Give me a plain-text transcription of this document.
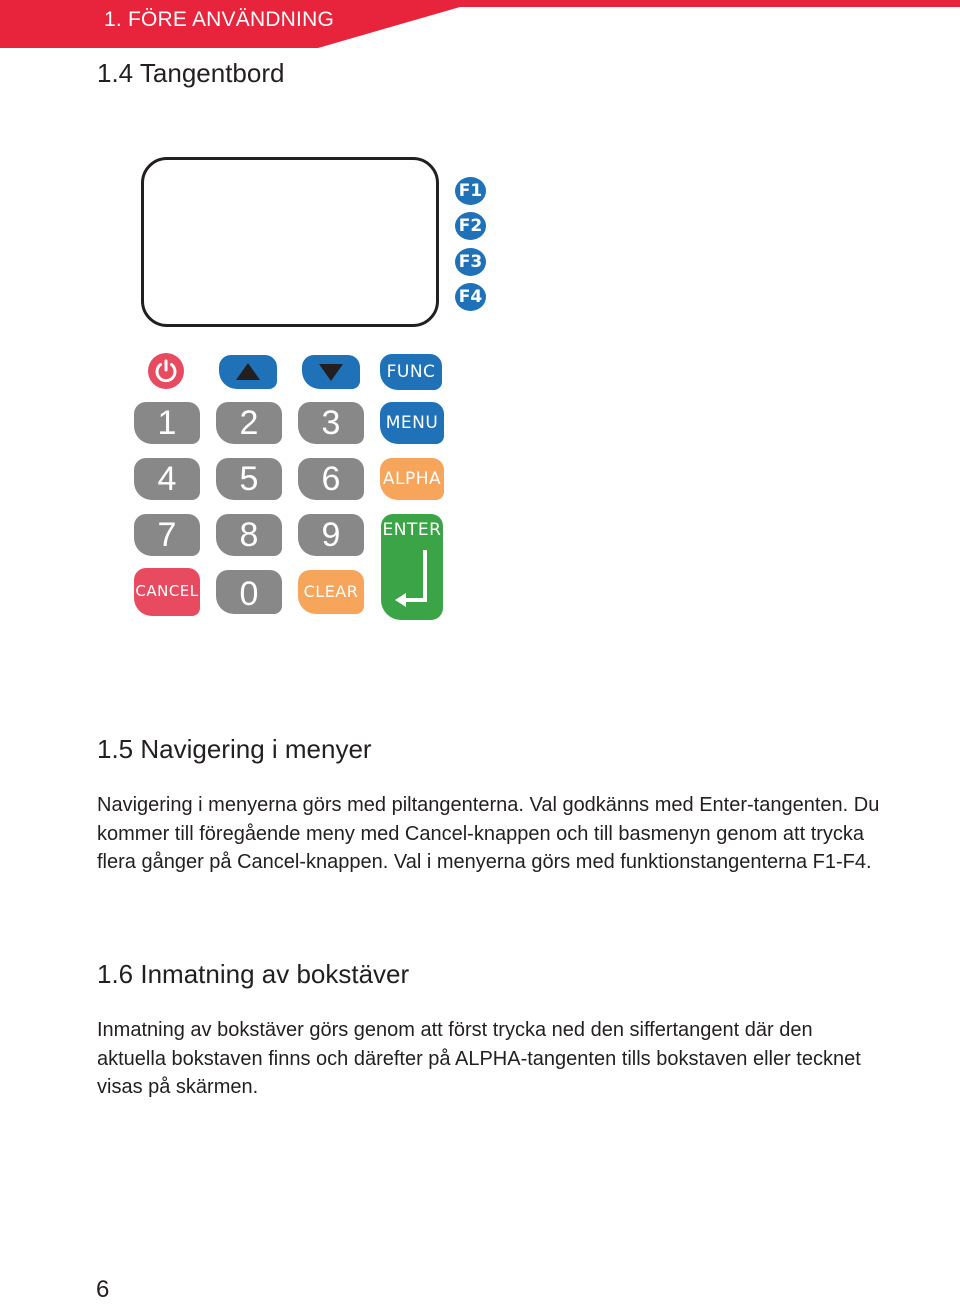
1. FÖRE ANVÄNDNING
1.4 Tangentbord
F1
F2
F3
F4
FUNC
1	2	3	MENU
4	5	6	ALPHA
7	8	9	ENTER
CANCEL	0	CLEAR
1.5 Navigering i menyer

Navigering i menyerna görs med piltangenterna. Val godkänns med Enter-tangenten. Du kommer till föregående meny med Cancel-knappen och till basmenyn genom att trycka flera gånger på Cancel-knappen. Val i menyerna görs med funktionstangenterna F1-F4.

1.6 Inmatning av bokstäver

Inmatning av bokstäver görs genom att först trycka ned den siffertangent där den aktuella bokstaven finns och därefter på ALPHA-tangenten tills bokstaven eller tecknet visas på skärmen.

6
